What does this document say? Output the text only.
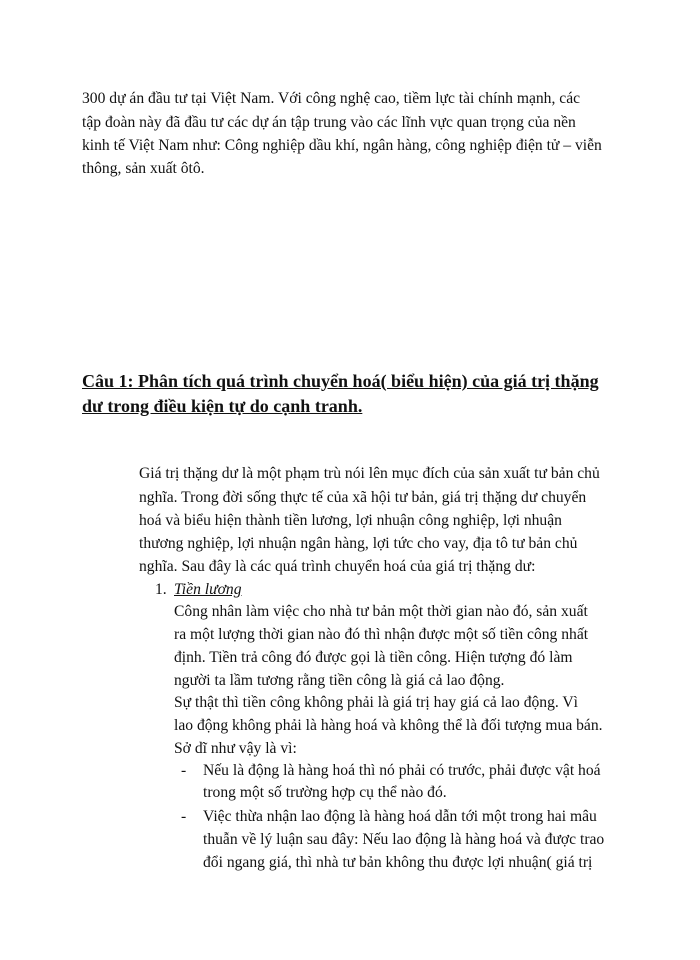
300 dự án đầu tư tại Việt Nam. Với công nghệ cao, tiềm lực tài chính mạnh, các
tập đoàn này đã đầu tư các dự án tập trung vào các lĩnh vực quan trọng của nền
kinh tế Việt Nam như: Công nghiệp dầu khí, ngân hàng, công nghiệp điện tử – viễn
thông, sản xuất ôtô.
Câu 1: Phân tích quá trình chuyển hoá( biểu hiện) của giá trị thặng
dư trong điều kiện tự do cạnh tranh.
Giá trị thặng dư là một phạm trù nói lên mục đích của sản xuất tư bản chủ
nghĩa. Trong đời sống thực tế của xã hội tư bản, giá trị thặng dư chuyển
hoá và biểu hiện thành tiền lương, lợi nhuận công nghiệp, lợi nhuận
thương nghiệp, lợi nhuận ngân hàng, lợi tức cho vay, địa tô tư bản chủ
nghĩa. Sau đây là các quá trình chuyển hoá của giá trị thặng dư:
1. Tiền lương
Công nhân làm việc cho nhà tư bản một thời gian nào đó, sản xuất
ra một lượng thời gian nào đó thì nhận được một số tiền công nhất
định. Tiền trả công đó được gọi là tiền công. Hiện tượng đó làm
người ta lầm tương rằng tiền công là giá cả lao động.
Sự thật thì tiền công không phải là giá trị hay giá cả lao động. Vì
lao động không phải là hàng hoá và không thể là đối tượng mua bán.
Sở dĩ như vậy là vì:
- Nếu là động là hàng hoá thì nó phải có trước, phải được vật hoá
trong một số trường hợp cụ thể nào đó.
- Việc thừa nhận lao động là hàng hoá dẫn tới một trong hai mâu
thuẫn về lý luận sau đây: Nếu lao động là hàng hoá và được trao
đổi ngang giá, thì nhà tư bản không thu được lợi nhuận( giá trị
